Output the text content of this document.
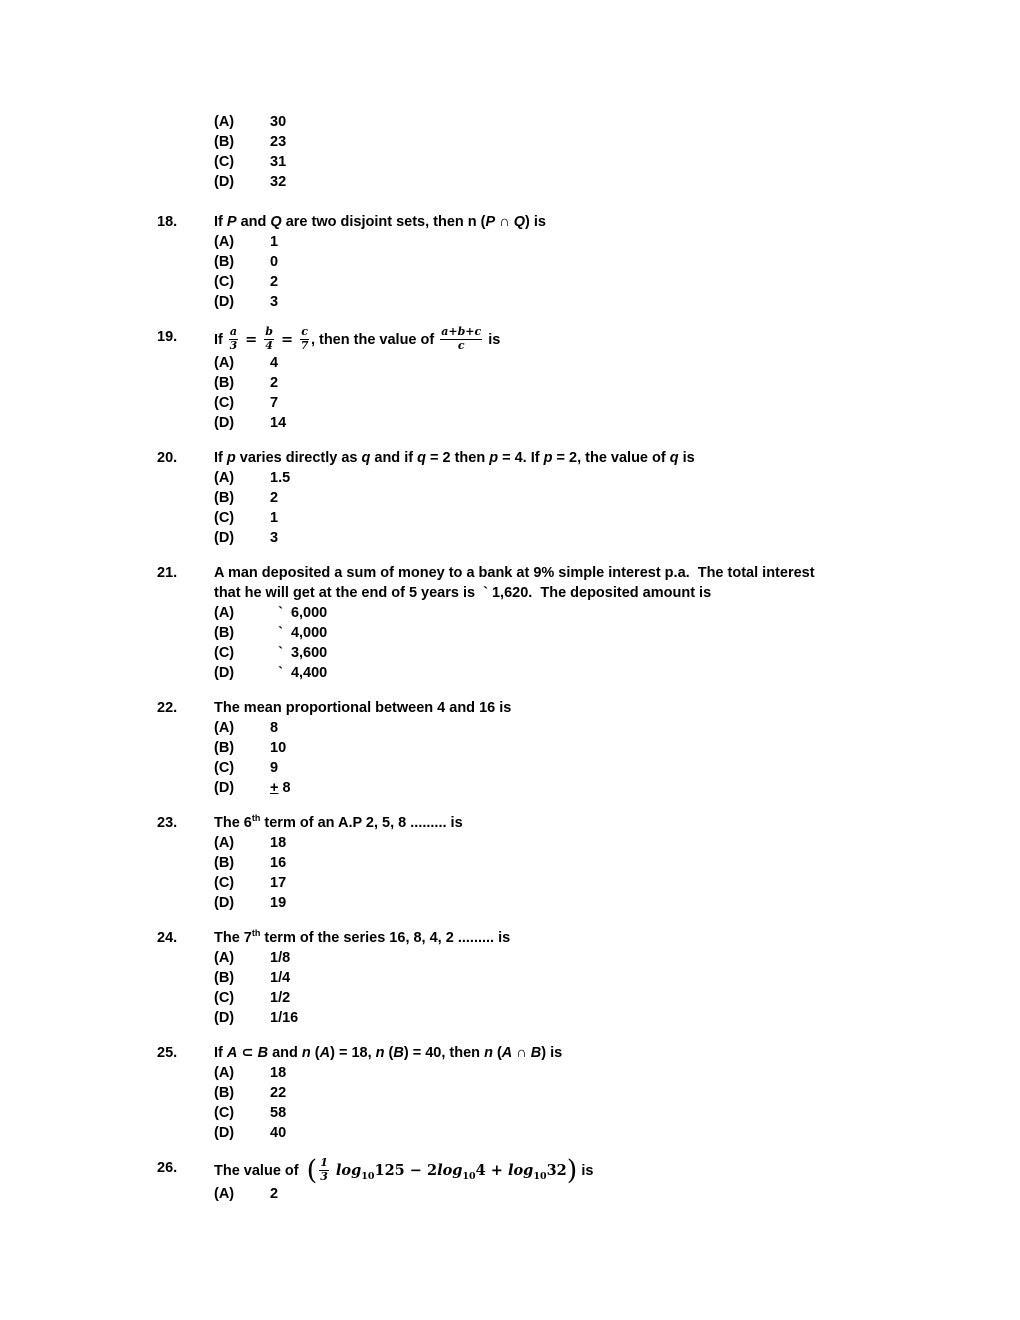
(A)	30
(B)	23
(C)	31
(D)	32
18.	If P and Q are two disjoint sets, then n (P ∩ Q) is
(A)	1
(B)	0
(C)	2
(D)	3
19.	If $\frac{a}{3} = \frac{b}{4} = \frac{c}{7}$ , then the value of $\frac{a+b+c}{c}$ is
(A)	4
(B)	2
(C)	7
(D)	14
20.	If p varies directly as q and if q = 2 then p = 4. If p = 2, the value of q is
(A)	1.5
(B)	2
(C)	1
(D)	3
21.	A man deposited a sum of money to a bank at 9% simple interest p.a.  The total interest
that he will get at the end of 5 years is  ` 1,620.  The deposited amount is
(A)	`  6,000
(B)	`  4,000
(C)	`  3,600
(D)	`  4,400
22.	The mean proportional between 4 and 16 is
(A)	8
(B)	10
(C)	9
(D)	+ 8
23.	The 6th term of an A.P 2, 5, 8 ......... is
(A)	18
(B)	16
(C)	17
(D)	19
24.	The 7th term of the series 16, 8, 4, 2 ......... is
(A)	1/8
(B)	1/4
(C)	1/2
(D)	1/16
25.	If A ⊂ B and n (A) = 18, n (B) = 40, then n (A ∩ B) is
(A)	18
(B)	22
(C)	58
(D)	40
26.	The value of  ( $\frac{1}{3} \log_{10}125 - 2\log_{10}4 + \log_{10}32$) is
(A)	2
